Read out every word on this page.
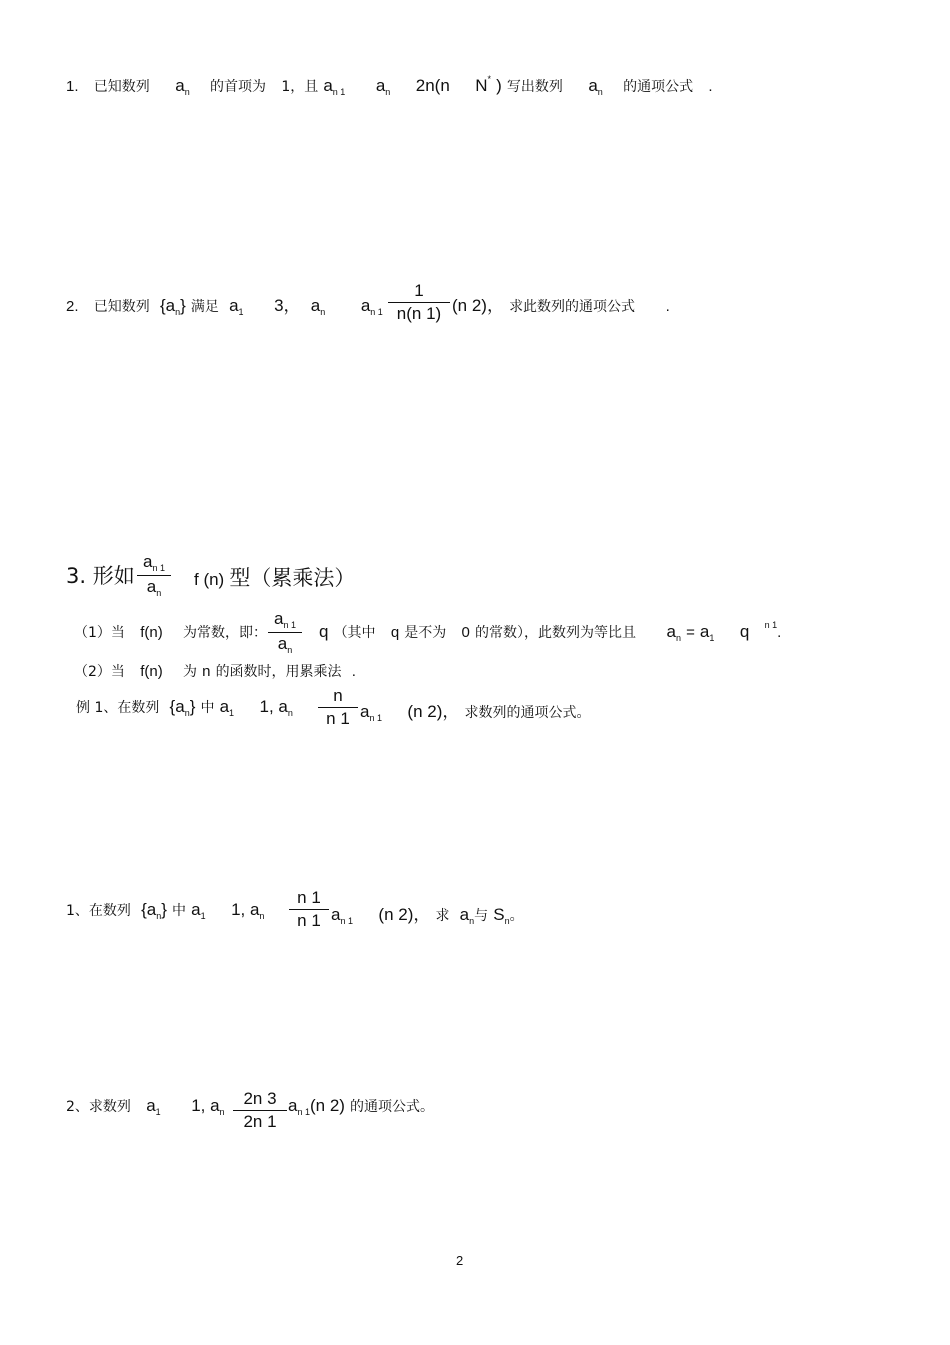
1. 已知数列 $a_n$ 的首项为 1，且 $a_{n 1}$ $a_n$ 2n(n N* ) 写出数列 $a_n$ 的通项公式 .
2. 已知数列 $\{a_n\}$ 满足 $a_1$ 3， $a_n$ $a_{n 1}$
1
n(n 1) (n 2)， 求此数列的通项公式 .
3. 形如
$a_{n 1}$
$a_n$
f (n) 型（累乘法）
（1）当 f(n) 为常数，即：
$a_{n 1}$
$a_n$
q （其中 q 是不为 0 的常数），此数列为等比且 $a_n = a_1$ q $^{n 1}$.
（2）当 f(n) 为 n 的函数时，用累乘法 .
例 1、在数列 $\{a_n\}$ 中 $a_1$ 1, $a_n$
n
n 1 $a_{n 1}$ (n 2)， 求数列的通项公式。
1、在数列 $\{a_n\}$ 中 $a_1$ 1, $a_n$
n 1
n 1 $a_{n 1}$ (n 2)， 求 $a_n$与 $S_n$。
2、求数列 $a_1$ 1, $a_n$
2n 3
2n 1
$a_{n 1}(n$ 2) 的通项公式。
2
